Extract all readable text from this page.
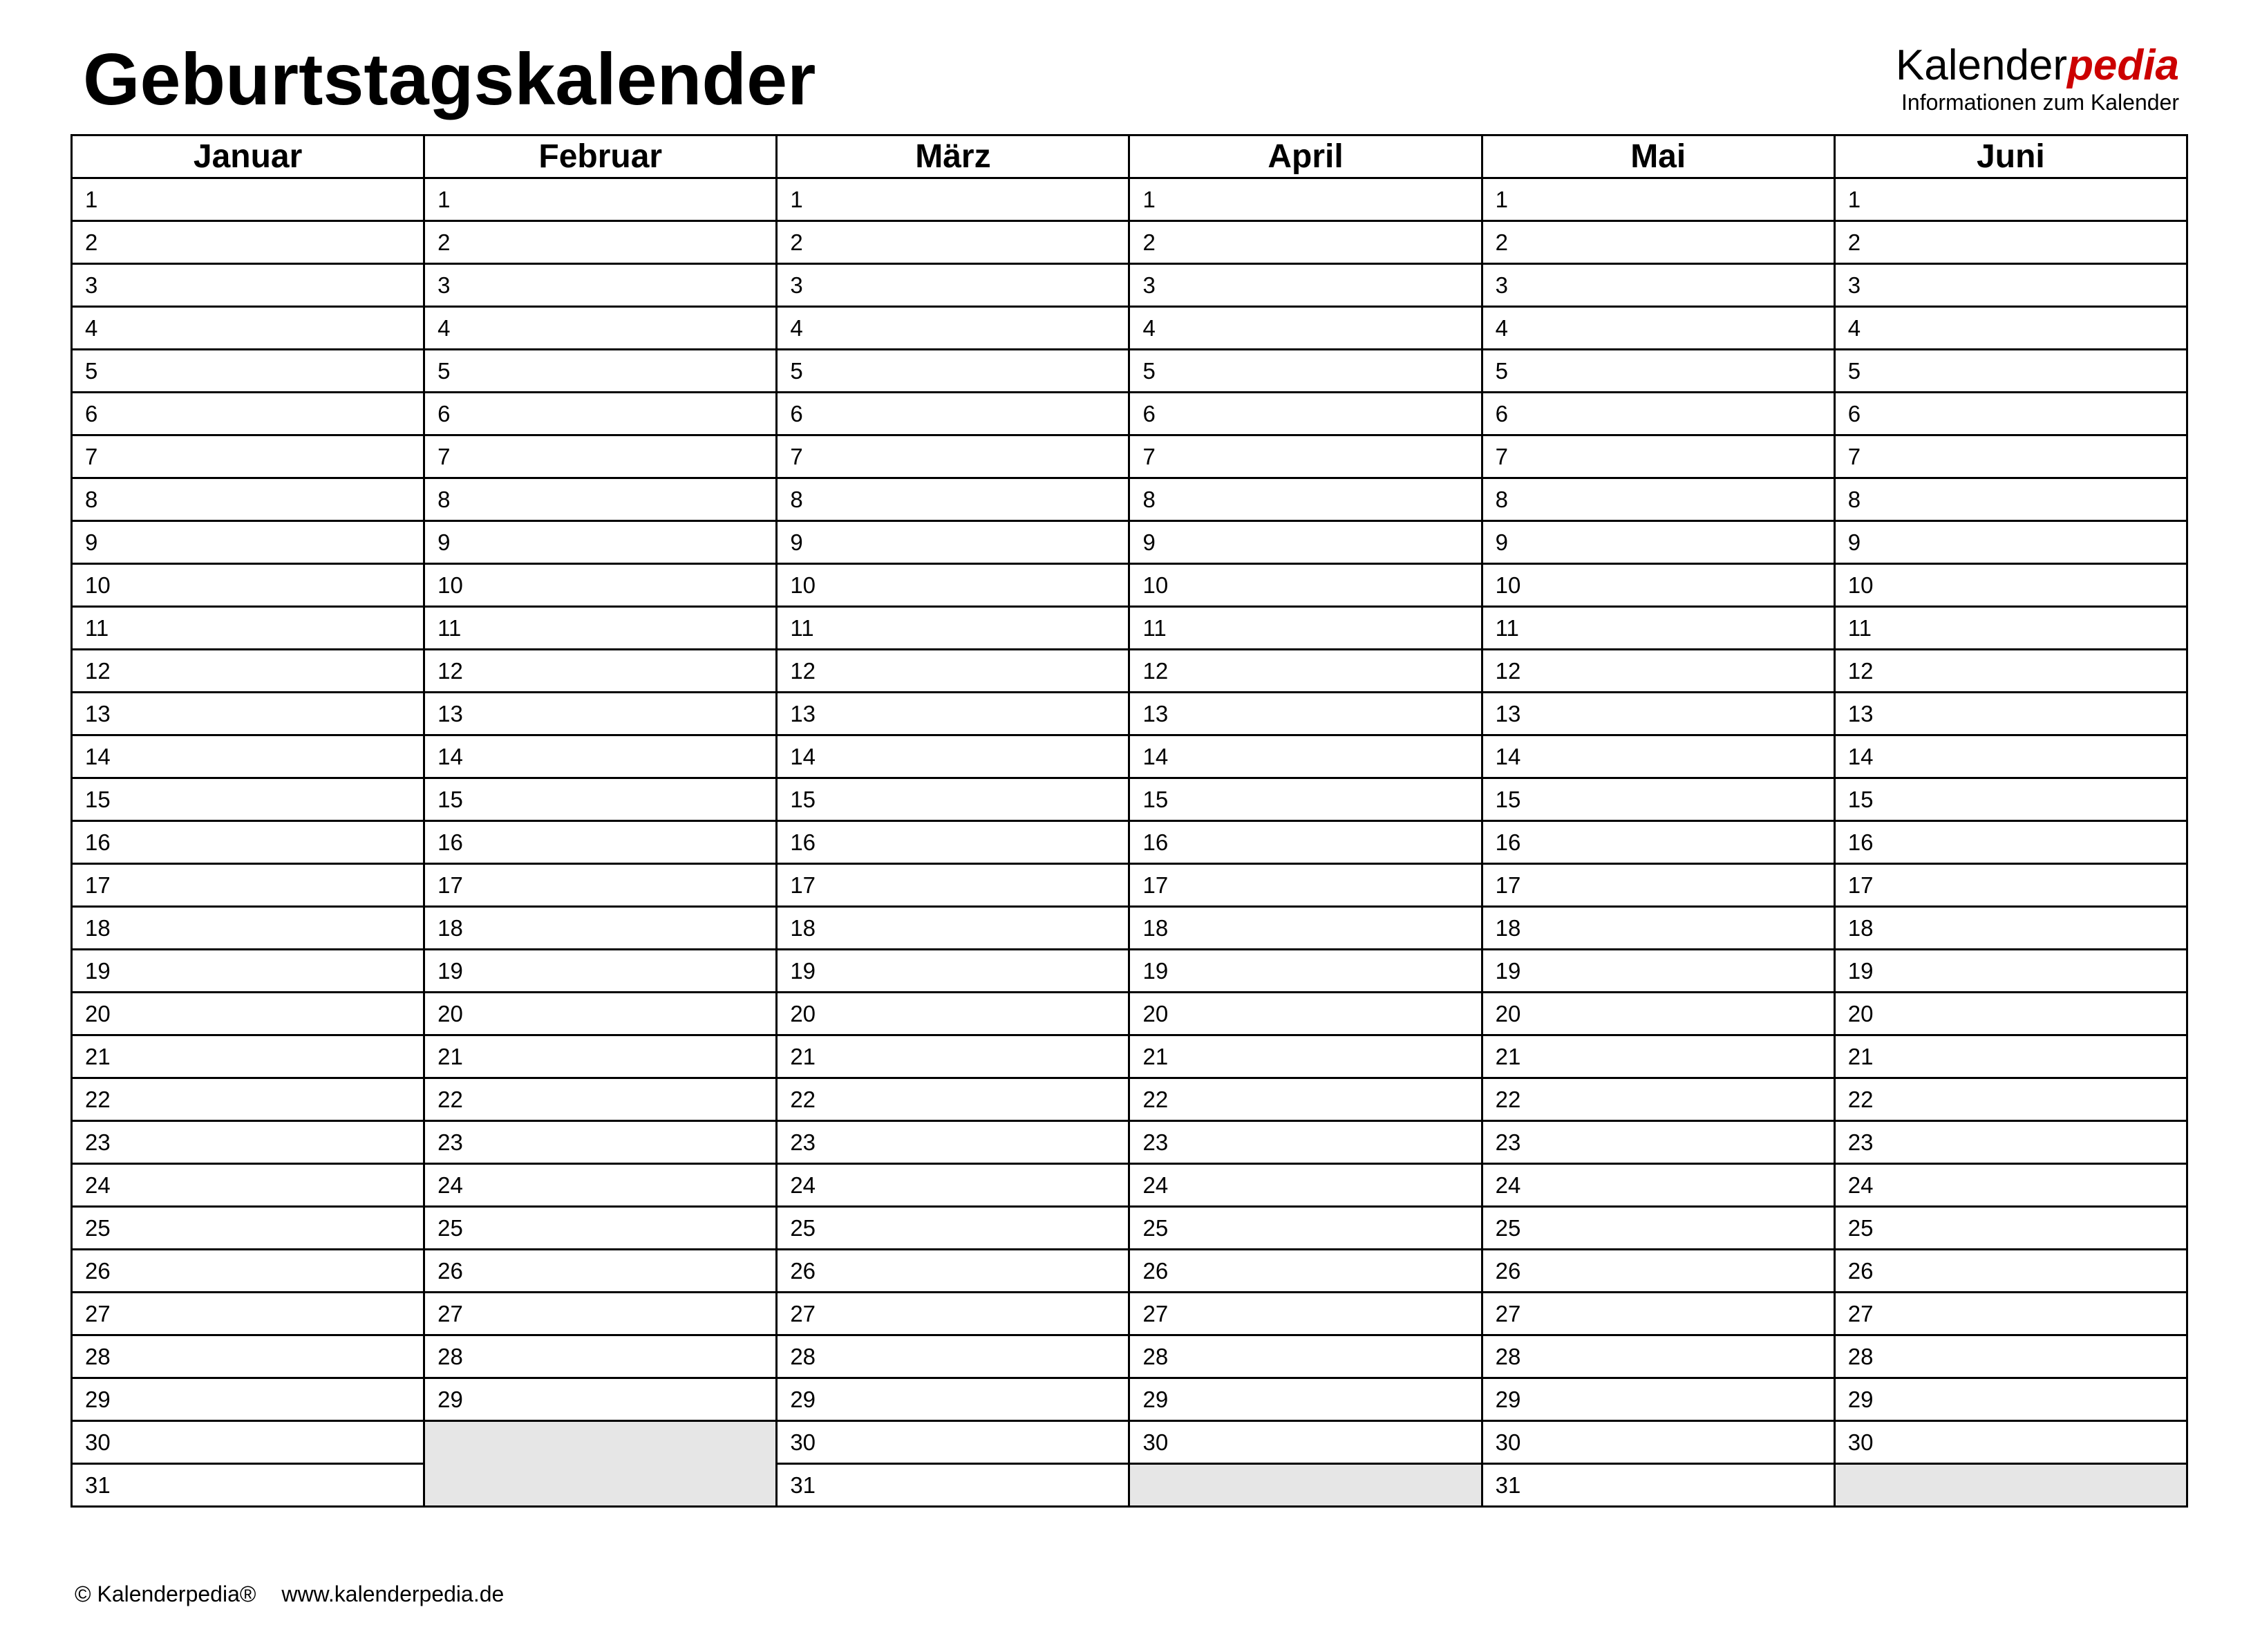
Geburtstagskalender	Kalenderpedia
Informationen zum Kalender
Januar	Februar	März	April	Mai	Juni
1	1	1	1	1	1
2	2	2	2	2	2
3	3	3	3	3	3
4	4	4	4	4	4
5	5	5	5	5	5
6	6	6	6	6	6
7	7	7	7	7	7
8	8	8	8	8	8
9	9	9	9	9	9
10	10	10	10	10	10
11	11	11	11	11	11
12	12	12	12	12	12
13	13	13	13	13	13
14	14	14	14	14	14
15	15	15	15	15	15
16	16	16	16	16	16
17	17	17	17	17	17
18	18	18	18	18	18
19	19	19	19	19	19
20	20	20	20	20	20
21	21	21	21	21	21
22	22	22	22	22	22
23	23	23	23	23	23
24	24	24	24	24	24
25	25	25	25	25	25
26	26	26	26	26	26
27	27	27	27	27	27
28	28	28	28	28	28
29	29	29	29	29	29
30		30	30	30	30
31		31		31	
© Kalenderpedia® www.kalenderpedia.de
